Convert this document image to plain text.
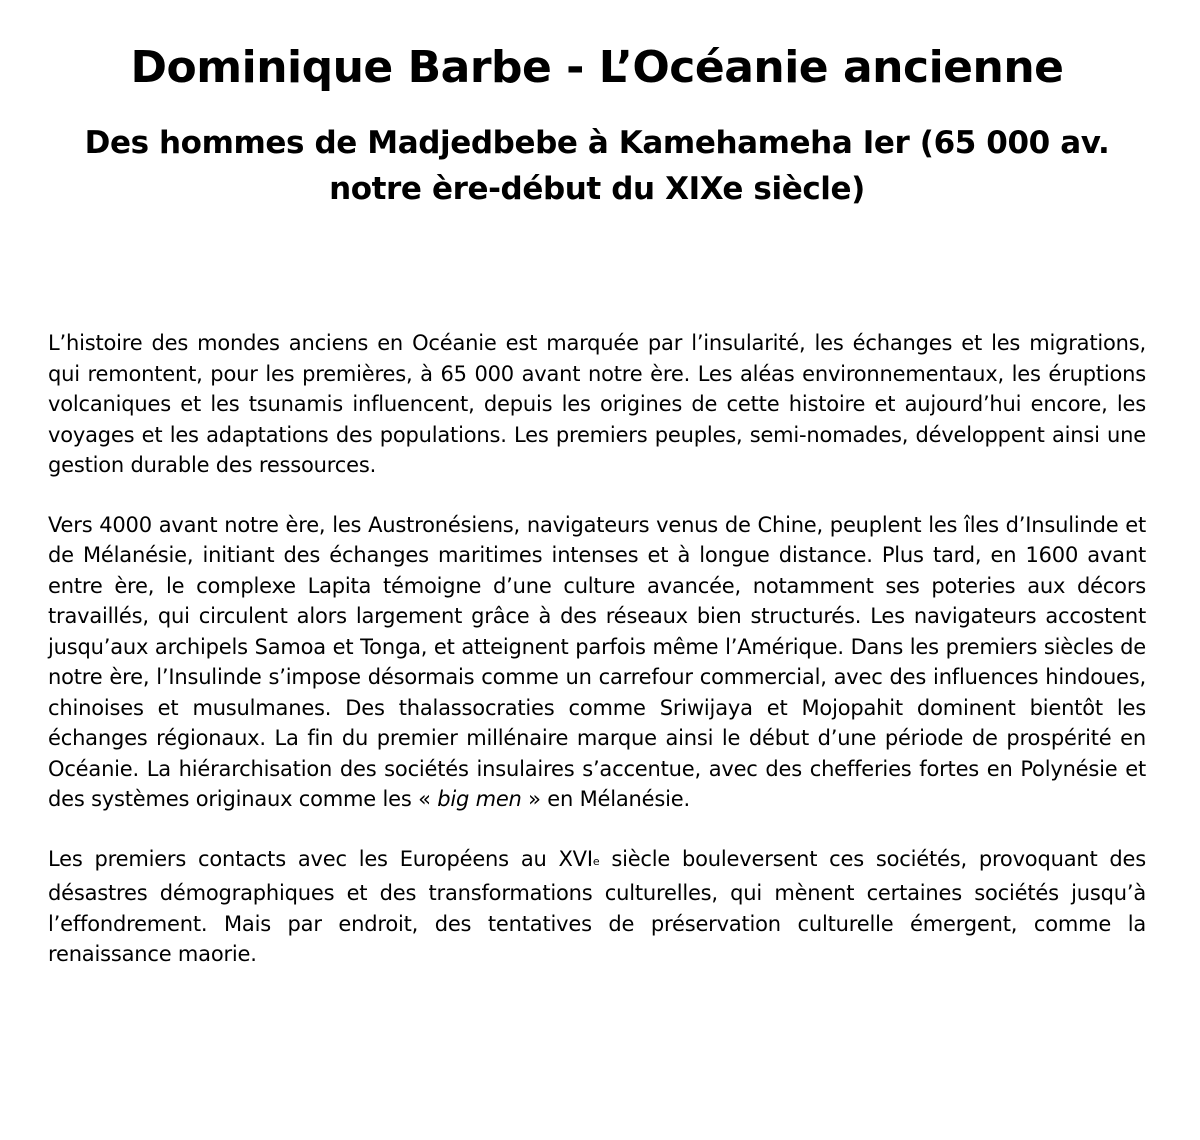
Dominique Barbe - L’Océanie ancienne
Des hommes de Madjedbebe à Kamehameha Ier (65 000 av. notre ère-début du XIXe siècle)

L’histoire des mondes anciens en Océanie est marquée par l’insularité, les échanges et les migrations, qui remontent, pour les premières, à 65 000 avant notre ère. Les aléas environnementaux, les éruptions volcaniques et les tsunamis influencent, depuis les origines de cette histoire et aujourd’hui encore, les voyages et les adaptations des populations. Les premiers peuples, semi-nomades, développent ainsi une gestion durable des ressources.

Vers 4000 avant notre ère, les Austronésiens, navigateurs venus de Chine, peuplent les îles d’Insulinde et de Mélanésie, initiant des échanges maritimes intenses et à longue distance. Plus tard, en 1600 avant entre ère, le complexe Lapita témoigne d’une culture avancée, notamment ses poteries aux décors travaillés, qui circulent alors largement grâce à des réseaux bien structurés. Les navigateurs accostent jusqu’aux archipels Samoa et Tonga, et atteignent parfois même l’Amérique. Dans les premiers siècles de notre ère, l’Insulinde s’impose désormais comme un carrefour commercial, avec des influences hindoues, chinoises et musulmanes. Des thalassocraties comme Sriwijaya et Mojopahit dominent bientôt les échanges régionaux. La fin du premier millénaire marque ainsi le début d’une période de prospérité en Océanie. La hiérarchisation des sociétés insulaires s’accentue, avec des chefferies fortes en Polynésie et des systèmes originaux comme les « big men » en Mélanésie.

Les premiers contacts avec les Européens au XVIe siècle bouleversent ces sociétés, provoquant des désastres démographiques et des transformations culturelles, qui mènent certaines sociétés jusqu’à l’effondrement. Mais par endroit, des tentatives de préservation culturelle émergent, comme la renaissance maorie.
